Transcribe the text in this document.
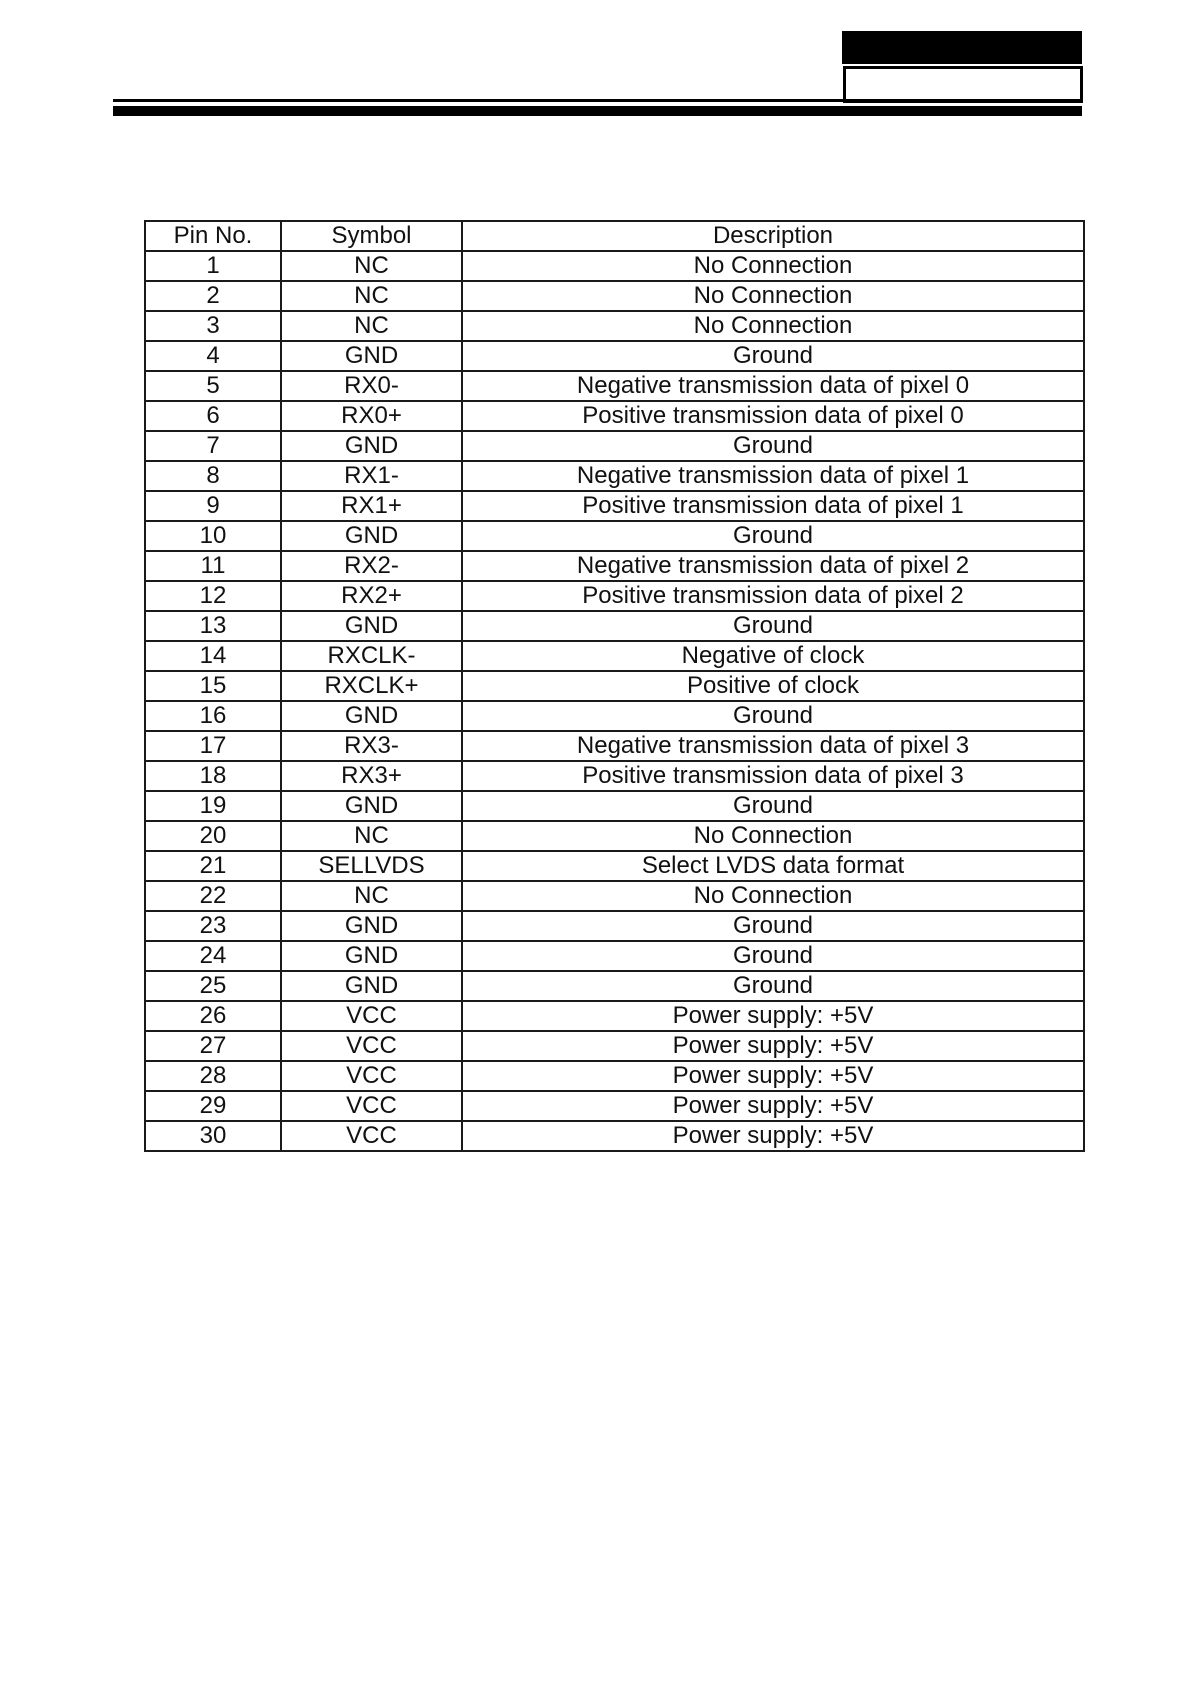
Pin No.	Symbol	Description
1	NC	No Connection
2	NC	No Connection
3	NC	No Connection
4	GND	Ground
5	RX0-	Negative transmission data of pixel 0
6	RX0+	Positive transmission data of pixel 0
7	GND	Ground
8	RX1-	Negative transmission data of pixel 1
9	RX1+	Positive transmission data of pixel 1
10	GND	Ground
11	RX2-	Negative transmission data of pixel 2
12	RX2+	Positive transmission data of pixel 2
13	GND	Ground
14	RXCLK-	Negative of clock
15	RXCLK+	Positive of clock
16	GND	Ground
17	RX3-	Negative transmission data of pixel 3
18	RX3+	Positive transmission data of pixel 3
19	GND	Ground
20	NC	No Connection
21	SELLVDS	Select LVDS data format
22	NC	No Connection
23	GND	Ground
24	GND	Ground
25	GND	Ground
26	VCC	Power supply: +5V
27	VCC	Power supply: +5V
28	VCC	Power supply: +5V
29	VCC	Power supply: +5V
30	VCC	Power supply: +5V
